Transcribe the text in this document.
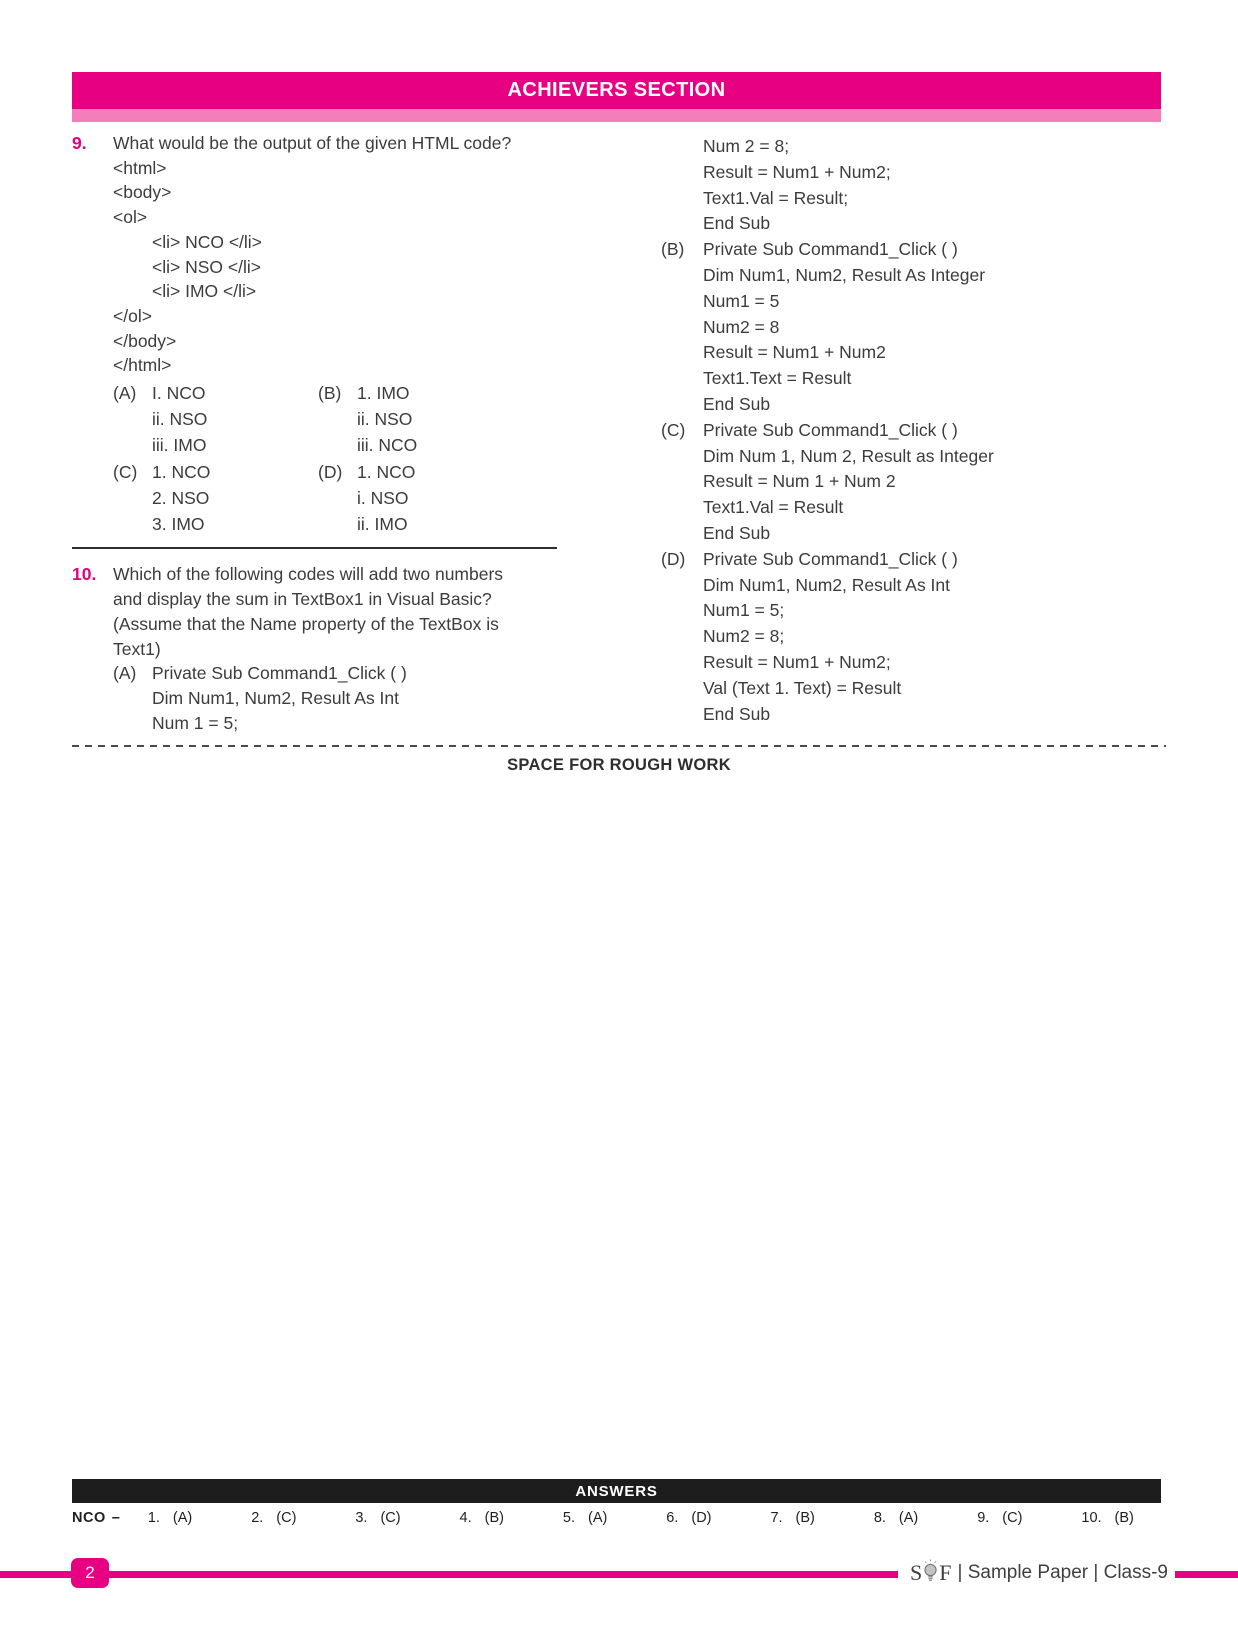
ACHIEVERS SECTION
9.	What would be the output of the given HTML code?
<html>
<body>
<ol>
<li> NCO </li>
<li> NSO </li>
<li> IMO </li>
</ol>
</body>
</html>
(A) I. NCO
ii. NSO
iii. IMO
(B) 1. IMO
ii. NSO
iii. NCO
(C) 1. NCO
2. NSO
3. IMO
(D) 1. NCO
i. NSO
ii. IMO
10. Which of the following codes will add two numbers
and display the sum in TextBox1 in Visual Basic?
(Assume that the Name property of the TextBox is
Text1)
(A) Private Sub Command1_Click ( )
Dim Num1, Num2, Result As Int
Num 1 = 5;
Num 2 = 8;
Result = Num1 + Num2;
Text1.Val = Result;
End Sub
(B)	Private Sub Command1_Click ( )
Dim Num1, Num2, Result As Integer
Num1 = 5
Num2 = 8
Result = Num1 + Num2
Text1.Text = Result
End Sub
(C)	Private Sub Command1_Click ( )
Dim Num 1, Num 2, Result as Integer
Result = Num 1 + Num 2
Text1.Val = Result
End Sub
(D)	Private Sub Command1_Click ( )
Dim Num1, Num2, Result As Int
Num1 = 5;
Num2 = 8;
Result = Num1 + Num2;
Val (Text 1. Text) = Result
End Sub
SPACE FOR ROUGH WORK
ANSWERS
NCO – 1. (A)	2. (C)	3. (C)	4. (B)	5. (A)	6. (D)	7. (B)	8. (A)	9. (C)	10. (B)
2	S F | Sample Paper | Class-9
